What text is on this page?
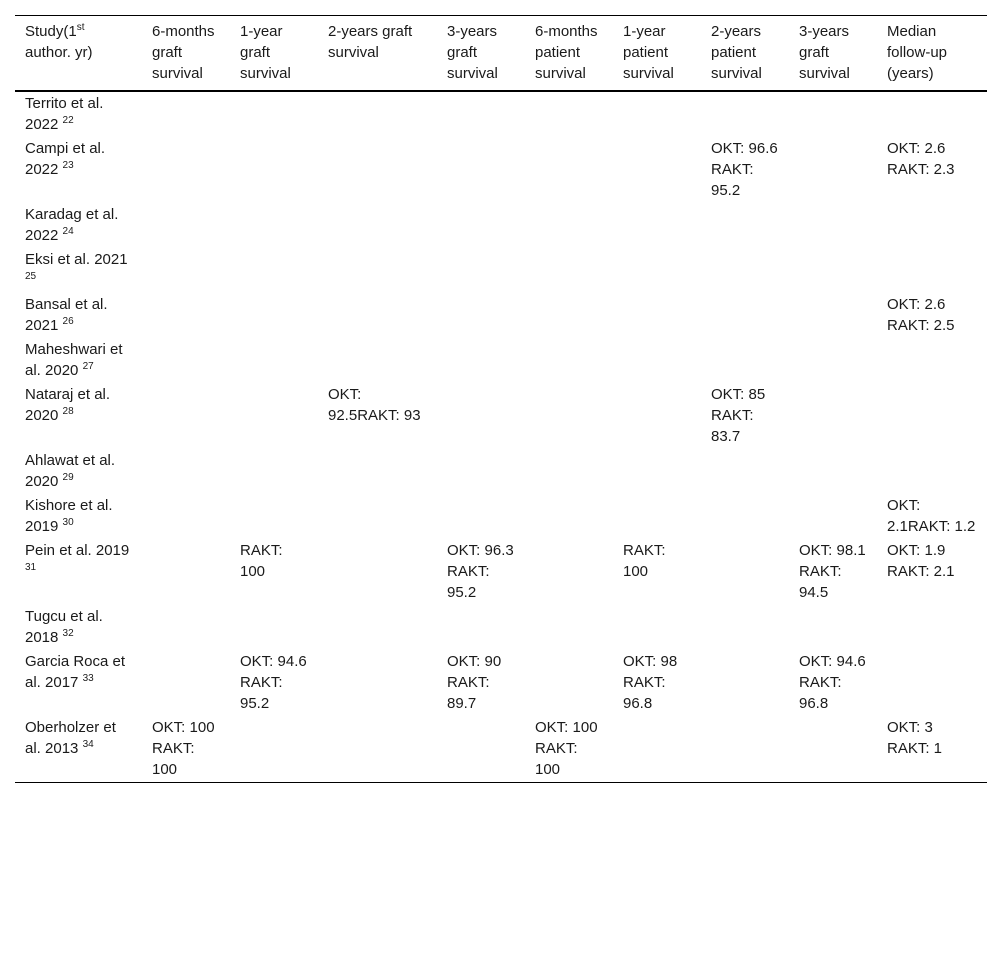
Study(1st author. yr)	6-months graft survival	1-year graft survival	2-years graft survival	3-years graft survival	6-months patient survival	1-year patient survival	2-years patient survival	3-years graft survival	Median follow-up (years)
Territo et al. 2022 $^{22}$									
Campi et al. 2022 $^{23}$							OKT: 96.6 RAKT: 95.2		OKT: 2.6 RAKT: 2.3
Karadag et al. 2022 $^{24}$									
Eksi et al. 2021 $^{25}$									
Bansal et al. 2021 $^{26}$									OKT: 2.6 RAKT: 2.5
Maheshwari et al. 2020 $^{27}$									
Nataraj et al. 2020 $^{28}$			OKT: 92.5RAKT: 93				OKT: 85 RAKT: 83.7		
Ahlawat et al. 2020 $^{29}$									
Kishore et al. 2019 $^{30}$									OKT: 2.1RAKT: 1.2
Pein et al. 2019 $^{31}$		RAKT: 100		OKT: 96.3 RAKT: 95.2		RAKT: 100		OKT: 98.1 RAKT: 94.5	OKT: 1.9 RAKT: 2.1
Tugcu et al. 2018 $^{32}$									
Garcia Roca et al. 2017 $^{33}$		OKT: 94.6 RAKT: 95.2		OKT: 90 RAKT: 89.7		OKT: 98 RAKT: 96.8		OKT: 94.6 RAKT: 96.8	
Oberholzer et al. 2013 $^{34}$	OKT: 100 RAKT: 100				OKT: 100 RAKT: 100				OKT: 3 RAKT: 1
